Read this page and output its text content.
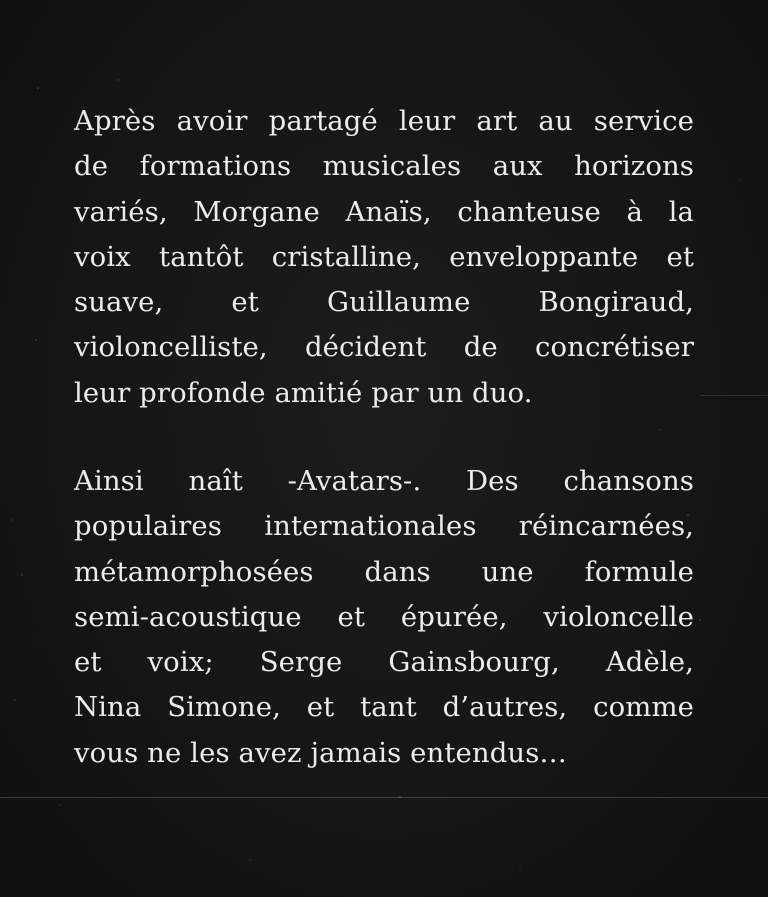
Après avoir partagé leur art au service
de formations musicales aux horizons
variés, Morgane Anaïs, chanteuse à la
voix tantôt cristalline, enveloppante et
suave, et Guillaume Bongiraud,
violoncelliste, décident de concrétiser
leur profonde amitié par un duo.
Ainsi naît -Avatars-. Des chansons
populaires internationales réincarnées,
métamorphosées dans une formule
semi-acoustique et épurée, violoncelle
et voix; Serge Gainsbourg, Adèle,
Nina Simone, et tant d’autres, comme
vous ne les avez jamais entendus…
